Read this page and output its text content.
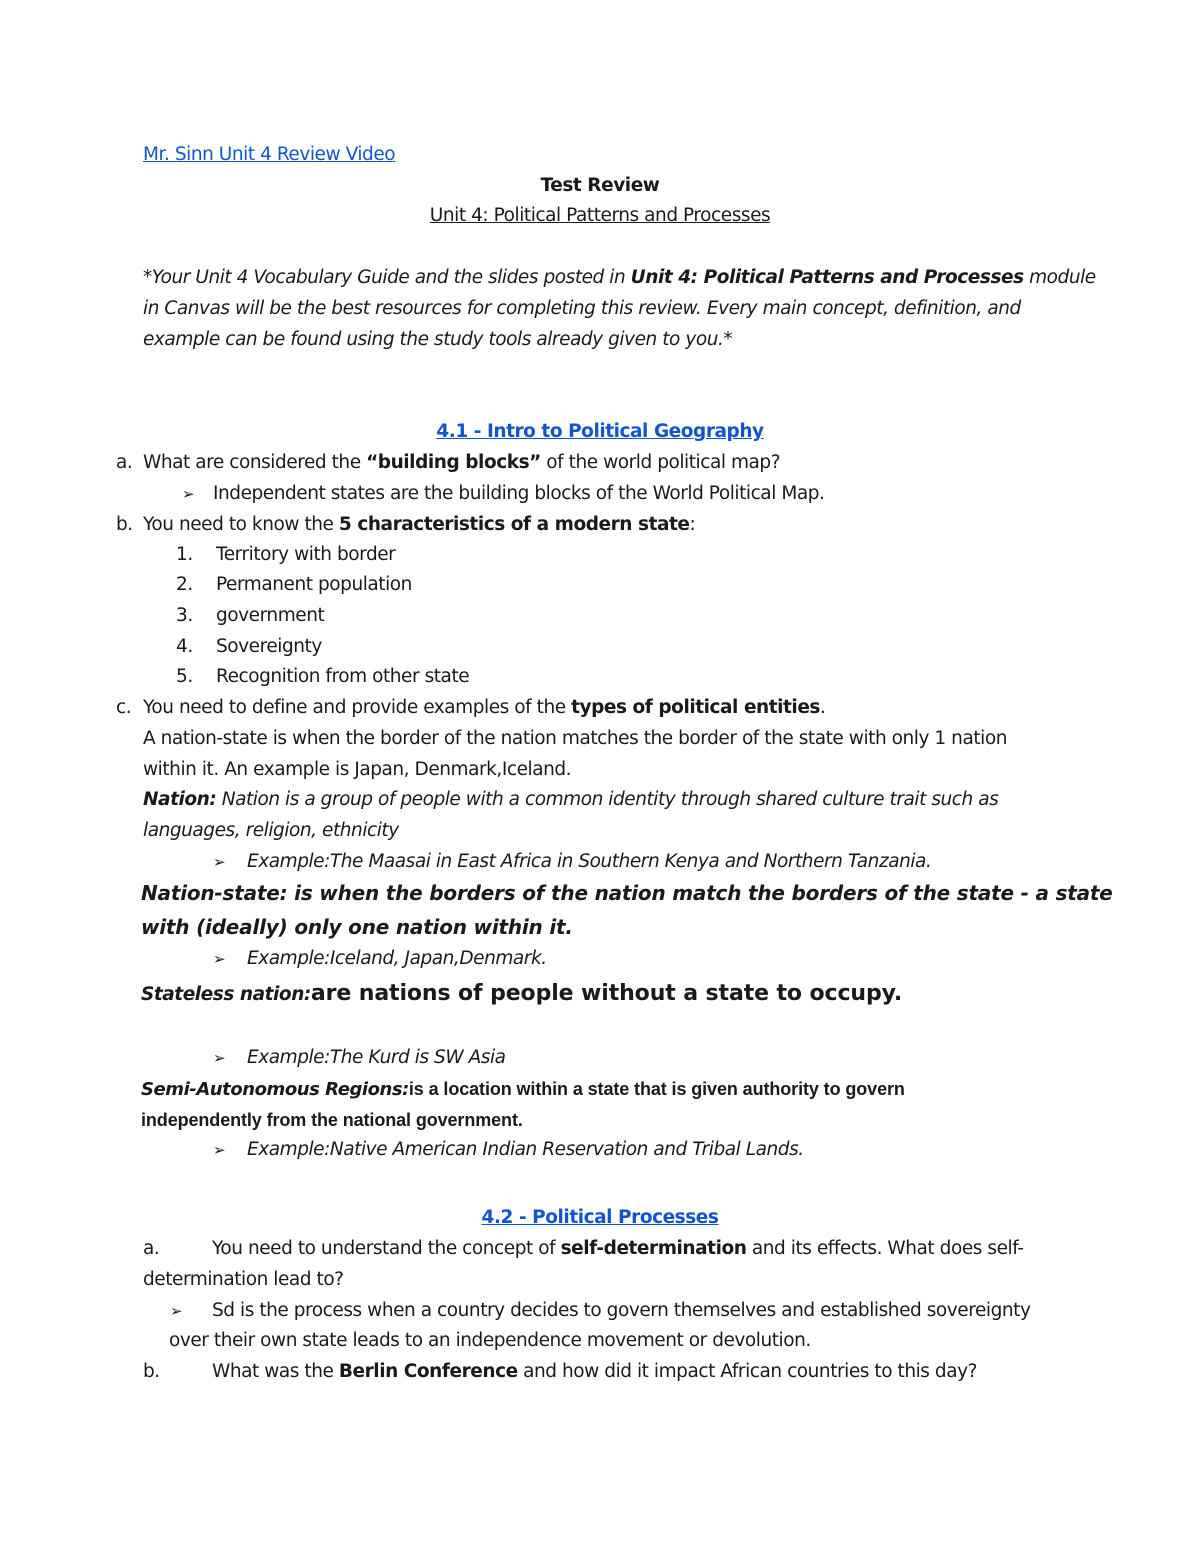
Mr. Sinn Unit 4 Review Video
Test Review
Unit 4: Political Patterns and Processes
*Your Unit 4 Vocabulary Guide and the slides posted in Unit 4: Political Patterns and Processes module
in Canvas will be the best resources for completing this review. Every main concept, definition, and
example can be found using the study tools already given to you.*
4.1 - Intro to Political Geography
a. What are considered the “building blocks” of the world political map?
➢ Independent states are the building blocks of the World Political Map.
b. You need to know the 5 characteristics of a modern state:
1. Territory with border
2. Permanent population
3. government
4. Sovereignty
5. Recognition from other state
c. You need to define and provide examples of the types of political entities.
A nation-state is when the border of the nation matches the border of the state with only 1 nation
within it. An example is Japan, Denmark,Iceland.
Nation: Nation is a group of people with a common identity through shared culture trait such as
languages, religion, ethnicity
➢ Example:The Maasai in East Africa in Southern Kenya and Northern Tanzania.
Nation-state: is when the borders of the nation match the borders of the state - a state
with (ideally) only one nation within it.
➢ Example:Iceland, Japan,Denmark.
Stateless nation:are nations of people without a state to occupy.
➢ Example:The Kurd is SW Asia
Semi-Autonomous Regions:is a location within a state that is given authority to govern
independently from the national government.
➢ Example:Native American Indian Reservation and Tribal Lands.
4.2 - Political Processes
a.	You need to understand the concept of self-determination and its effects. What does self-
determination lead to?
➢ Sd is the process when a country decides to govern themselves and established sovereignty
over their own state leads to an independence movement or devolution.
b.	What was the Berlin Conference and how did it impact African countries to this day?
